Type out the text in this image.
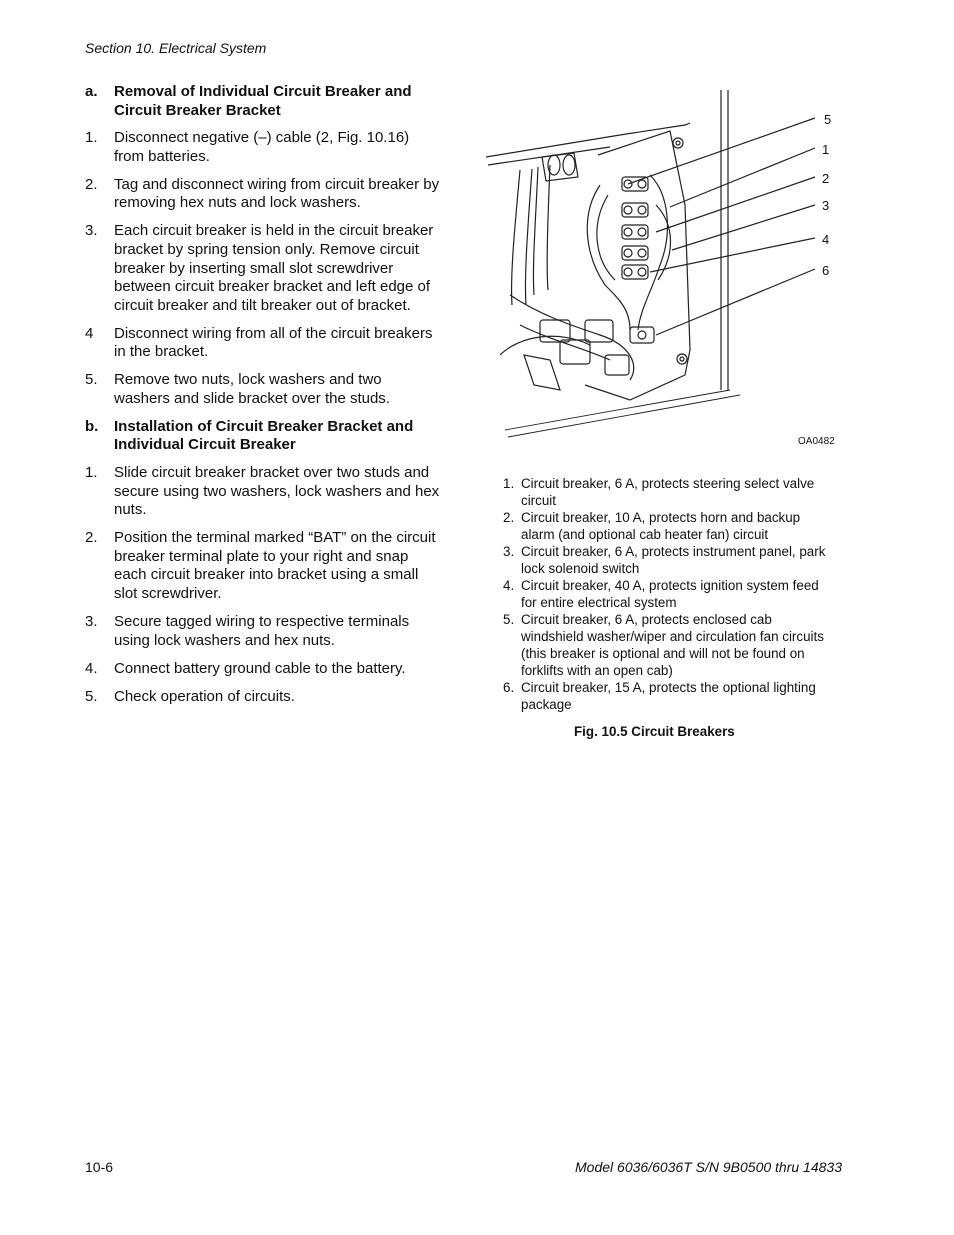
Section 10. Electrical System
a.	Removal of Individual Circuit Breaker and Circuit Breaker Bracket
1.	Disconnect negative (–) cable (2, Fig. 10.16) from batteries.
2.	Tag and disconnect wiring from circuit breaker by removing hex nuts and lock washers.
3.	Each circuit breaker is held in the circuit breaker bracket by spring tension only. Remove circuit breaker by inserting small slot screwdriver between circuit breaker bracket and left edge of circuit breaker and tilt breaker out of bracket.
4	Disconnect wiring from all of the circuit breakers in the bracket.
5.	Remove two nuts, lock washers and two washers and slide bracket over the studs.
b.	Installation of Circuit Breaker Bracket and Individual Circuit Breaker
1.	Slide circuit breaker bracket over two studs and secure using two washers, lock washers and hex nuts.
2.	Position the terminal marked “BAT” on the circuit breaker terminal plate to your right and snap each circuit breaker into bracket using a small slot screwdriver.
3.	Secure tagged wiring to respective terminals using lock washers and hex nuts.
4.	Connect battery ground cable to the battery.
5.	Check operation of circuits.
5
1
2
3
4
6
OA0482
1. Circuit breaker, 6 A, protects steering select valve circuit
2. Circuit breaker, 10 A, protects horn and backup alarm (and optional cab heater fan) circuit
3. Circuit breaker, 6 A, protects instrument panel, park lock solenoid switch
4. Circuit breaker, 40 A, protects ignition system feed for entire electrical system
5. Circuit breaker, 6 A, protects enclosed cab windshield washer/wiper and circulation fan circuits (this breaker is optional and will not be found on forklifts with an open cab)
6. Circuit breaker, 15 A, protects the optional lighting package
Fig. 10.5 Circuit Breakers
10-6	Model 6036/6036T S/N 9B0500 thru 14833
